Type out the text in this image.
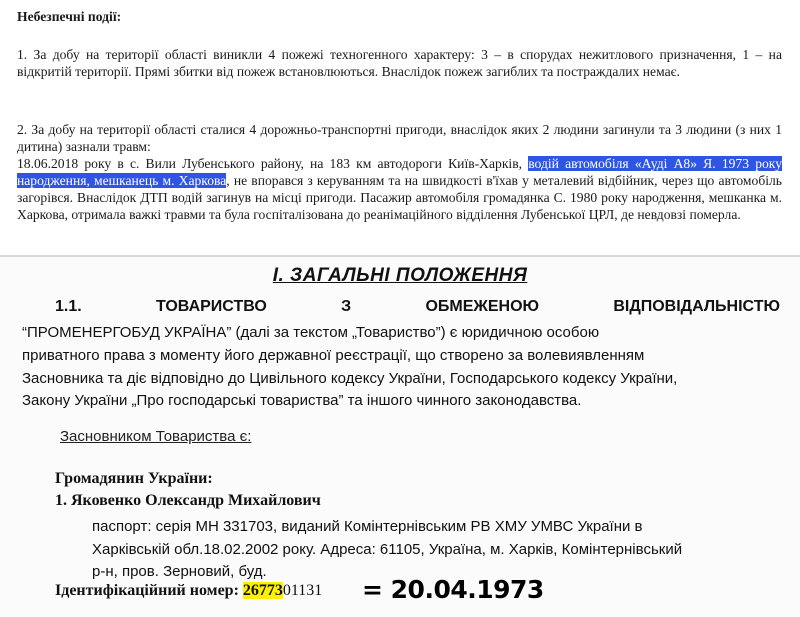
Небезпечні події:

1. За добу на території області виникли 4 пожежі техногенного характеру: 3 – в спорудах нежитлового призначення, 1 – на відкритій території. Прямі збитки від пожеж встановлюються. Внаслідок пожеж загиблих та постраждалих немає.

2. За добу на території області сталися 4 дорожньо-транспортні пригоди, внаслідок яких 2 людини загинули та 3 людини (з них 1 дитина) зазнали травм:
18.06.2018 року в с. Вили Лубенського району, на 183 км автодороги Київ-Харків, водій автомобіля «Ауді А8» Я. 1973 року народження, мешканець м. Харкова, не впорався з керуванням та на швидкості в'їхав у металевий відбійник, через що автомобіль загорівся. Внаслідок ДТП водій загинув на місці пригоди. Пасажир автомобіля громадянка С. 1980 року народження, мешканка м. Харкова, отримала важкі травми та була госпіталізована до реанімаційного відділення Лубенської ЦРЛ, де невдовзі померла.

І. ЗАГАЛЬНІ ПОЛОЖЕННЯ
1.1.	ТОВАРИСТВО	З	ОБМЕЖЕНОЮ	ВІДПОВІДАЛЬНІСТЮ
“ПРОМЕНЕРГОБУД УКРАЇНА” (далі за текстом „Товариство”) є юридичною особою
приватного права з моменту його державної реєстрації, що створено за волевиявленням
Засновника та діє відповідно до Цивільного кодексу України, Господарського кодексу України,
Закону України „Про господарські товариства” та іншого чинного законодавства.
Засновником Товариства є:
Громадянин України:
1. Яковенко Олександр Михайлович
паспорт: серія МН 331703, виданий Комінтернівським РВ ХМУ УМВС України в
Харківській обл.18.02.2002 року. Адреса: 61105, Україна, м. Харків, Комінтернівський
р-н, пров. Зерновий, буд.
Ідентифікаційний номер: 2677301131 = 20.04.1973
